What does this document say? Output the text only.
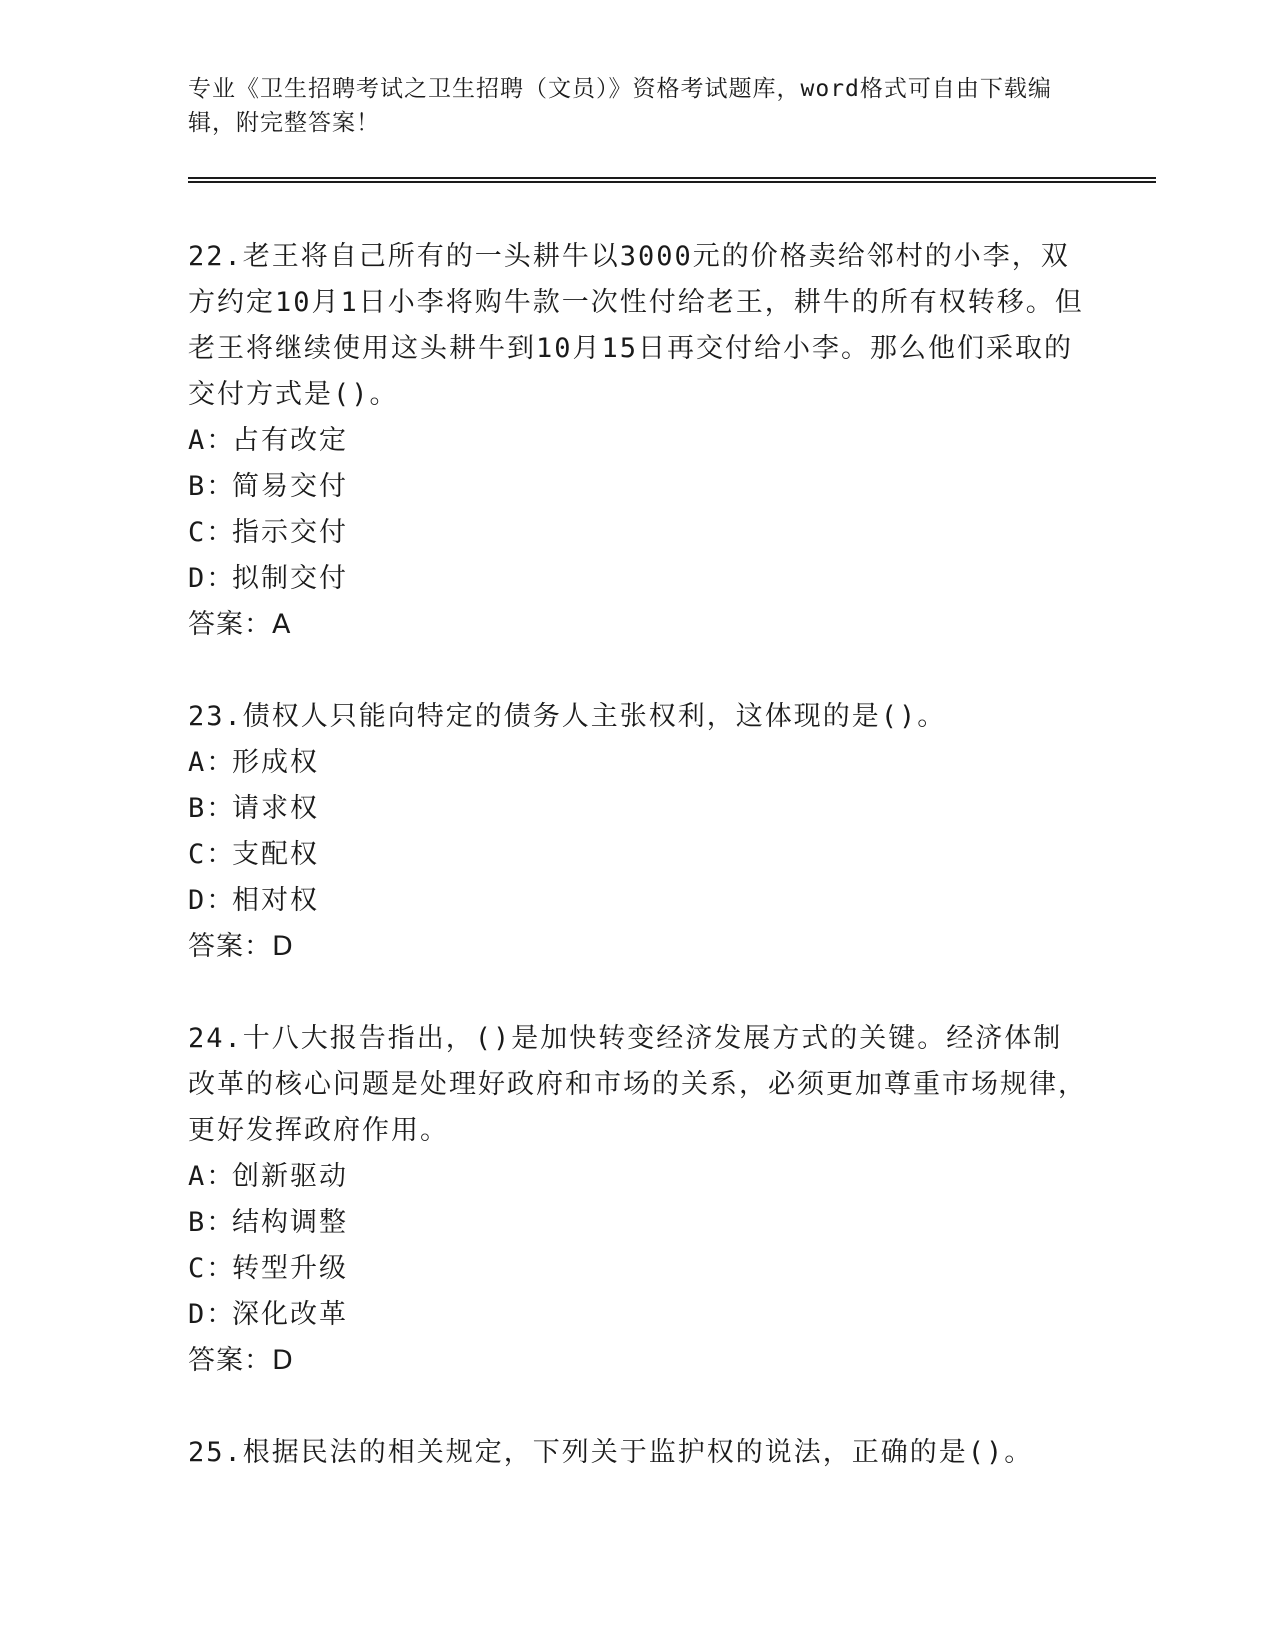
专业《卫生招聘考试之卫生招聘（文员）》资格考试题库，word格式可自由下载编辑，附完整答案！
22.老王将自己所有的一头耕牛以3000元的价格卖给邻村的小李，双方约定10月1日小李将购牛款一次性付给老王，耕牛的所有权转移。但老王将继续使用这头耕牛到10月15日再交付给小李。那么他们采取的交付方式是()。
A：
占有改定
B：
简易交付
C：
指示交付
D：
拟制交付
答案：A
23.债权人只能向特定的债务人主张权利，这体现的是()。
A：
形成权
B：
请求权
C：
支配权
D：
相对权
答案：D
24.十八大报告指出，()是加快转变经济发展方式的关键。经济体制改革的核心问题是处理好政府和市场的关系，必须更加尊重市场规律，更好发挥政府作用。
A：
创新驱动
B：
结构调整
C：
转型升级
D：
深化改革
答案：D
25.根据民法的相关规定，下列关于监护权的说法，正确的是()。
